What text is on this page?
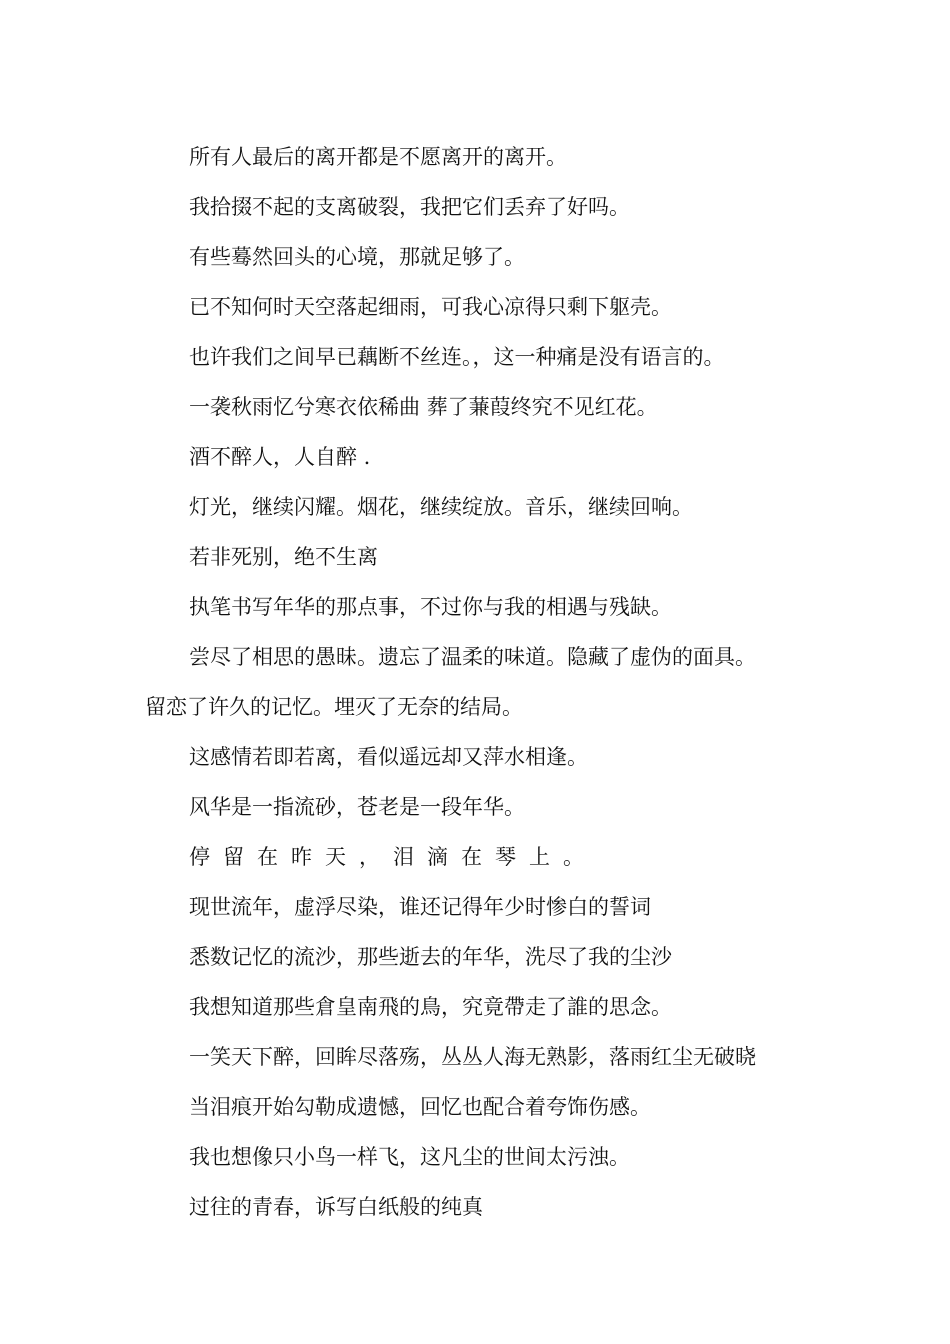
所有人最后的离开都是不愿离开的离开。

我拾掇不起的支离破裂，我把它们丢弃了好吗。

有些蓦然回头的心境，那就足够了。

已不知何时天空落起细雨，可我心凉得只剩下躯壳。

也许我们之间早已藕断不丝连。，这一种痛是没有语言的。

一袭秋雨忆兮寒衣依稀曲 葬了蒹葭终究不见红花。

酒不醉人，人自醉 .

灯光，继续闪耀。烟花，继续绽放。音乐，继续回响。

若非死别，绝不生离

执笔书写年华的那点事，不过你与我的相遇与残缺。

尝尽了相思的愚昧。遗忘了温柔的味道。隐藏了虚伪的面具。

留恋了许久的记忆。埋灭了无奈的结局。

这感情若即若离，看似遥远却又萍水相逢。

风华是一指流砂，苍老是一段年华。

停留在昨天，泪滴在琴上。

现世流年，虚浮尽染，谁还记得年少时惨白的誓词

悉数记忆的流沙，那些逝去的年华，洗尽了我的尘沙

我想知道那些倉皇南飛的鳥，究竟帶走了誰的思念。

一笑天下醉，回眸尽落殇，丛丛人海无熟影，落雨红尘无破晓

当泪痕开始勾勒成遗憾，回忆也配合着夸饰伤感。

我也想像只小鸟一样飞，这凡尘的世间太污浊。

过往的青春，诉写白纸般的纯真
